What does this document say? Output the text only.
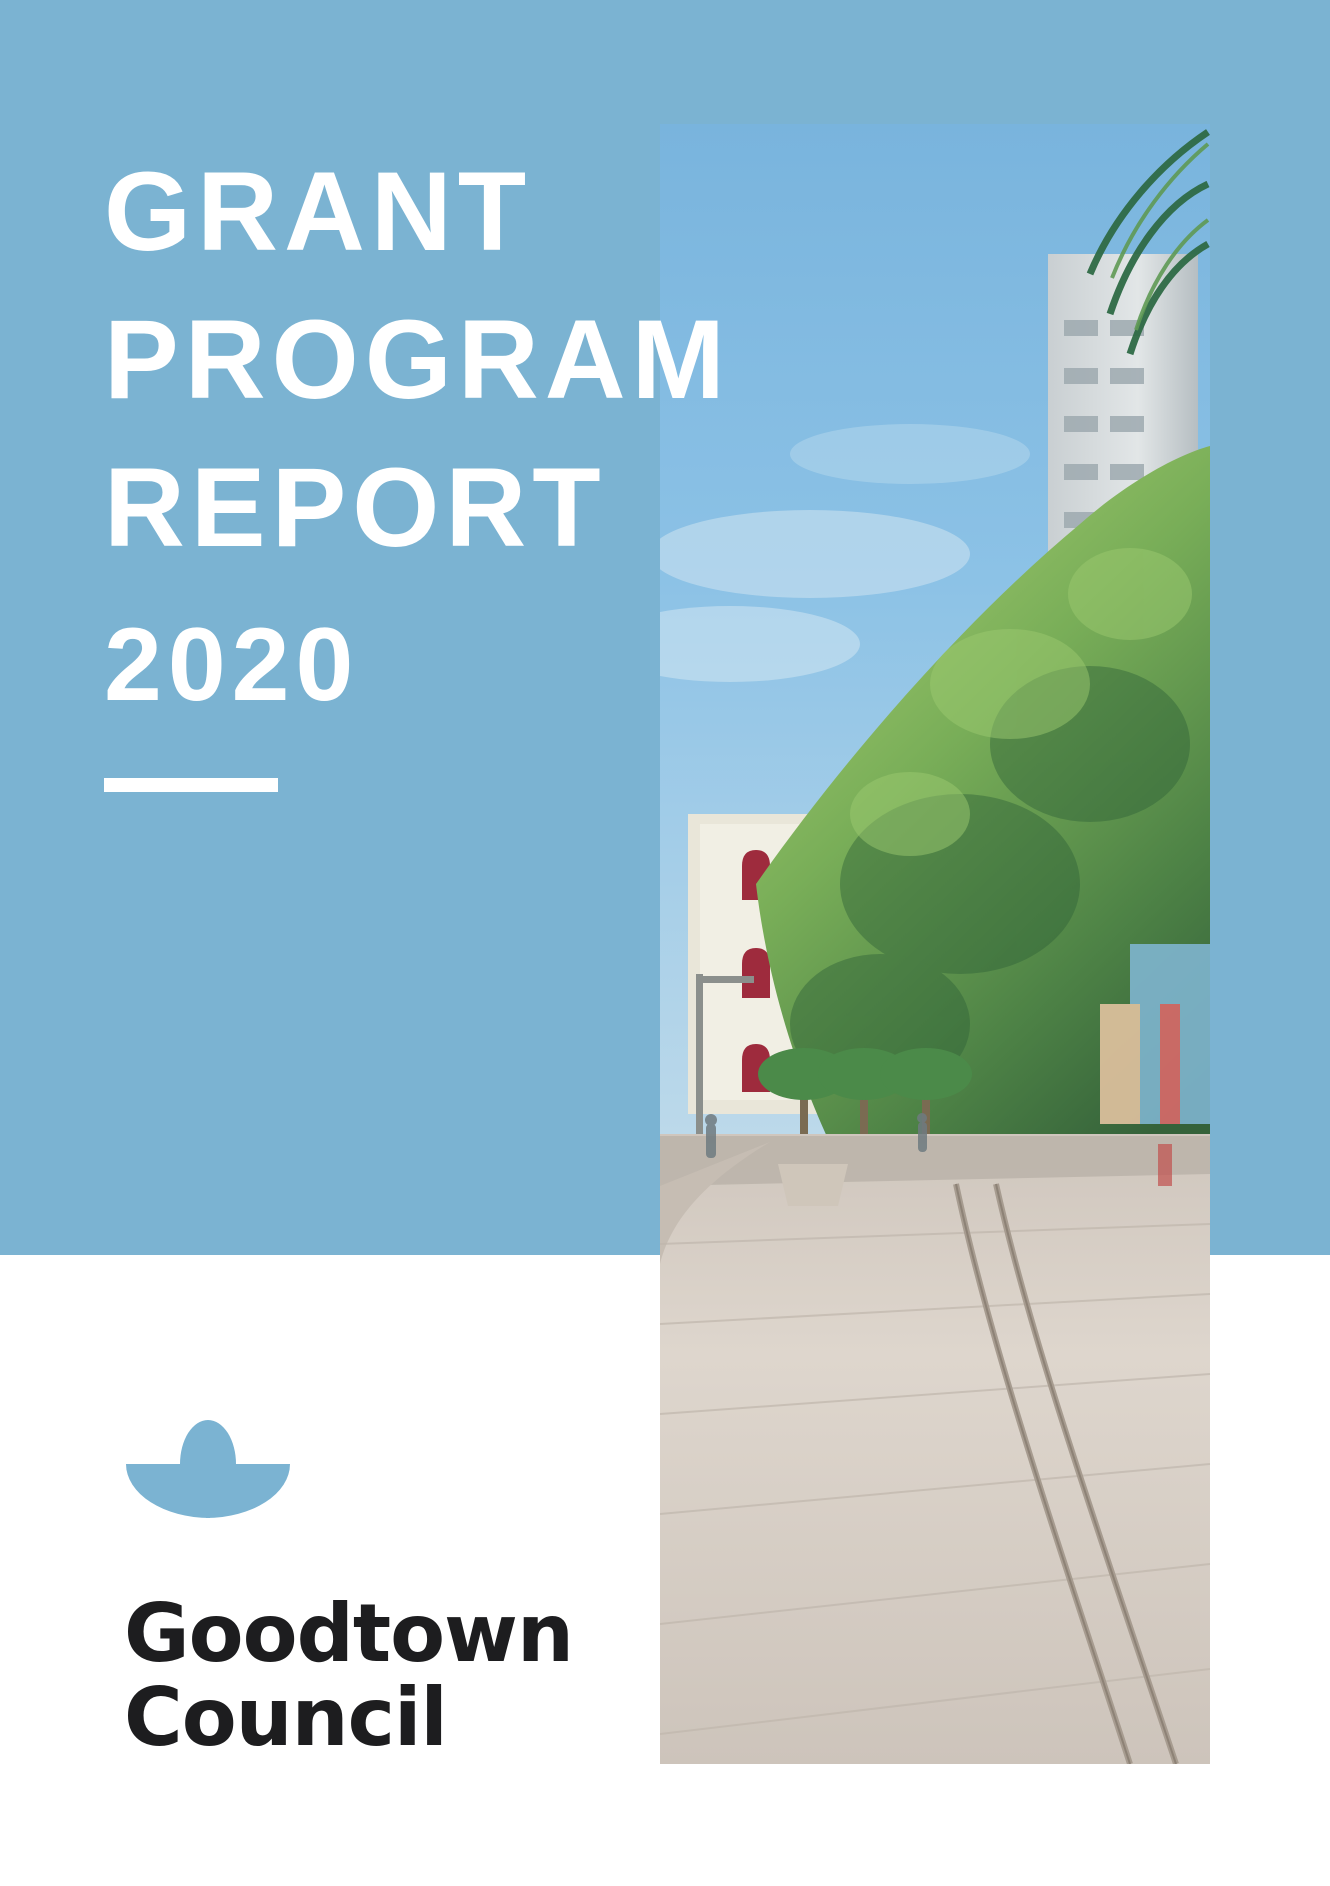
GRANT
PROGRAM
REPORT
2020
Goodtown
Council
